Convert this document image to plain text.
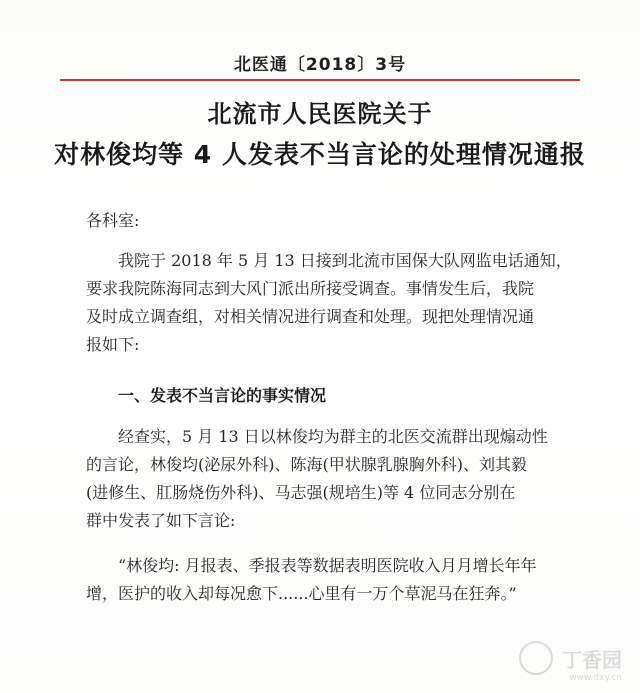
北医通〔2018〕3号
北流市人民医院关于
对林俊均等 4 人发表不当言论的处理情况通报
各科室:
我院于 2018 年 5 月 13 日接到北流市国保大队网监电话通知，
要求我院陈海同志到大风门派出所接受调查。事情发生后，我院
及时成立调查组，对相关情况进行调查和处理。现把处理情况通
报如下:
一、发表不当言论的事实情况
经查实，5 月 13 日以林俊均为群主的北医交流群出现煽动性
的言论，林俊均(泌尿外科)、陈海(甲状腺乳腺胸外科)、刘其毅
(进修生、肛肠烧伤外科)、马志强(规培生)等 4 位同志分别在
群中发表了如下言论:
“林俊均: 月报表、季报表等数据表明医院收入月月增长年年
增，医护的收入却每况愈下......心里有一万个草泥马在狂奔。”
丁香园
www.dxy.cn
